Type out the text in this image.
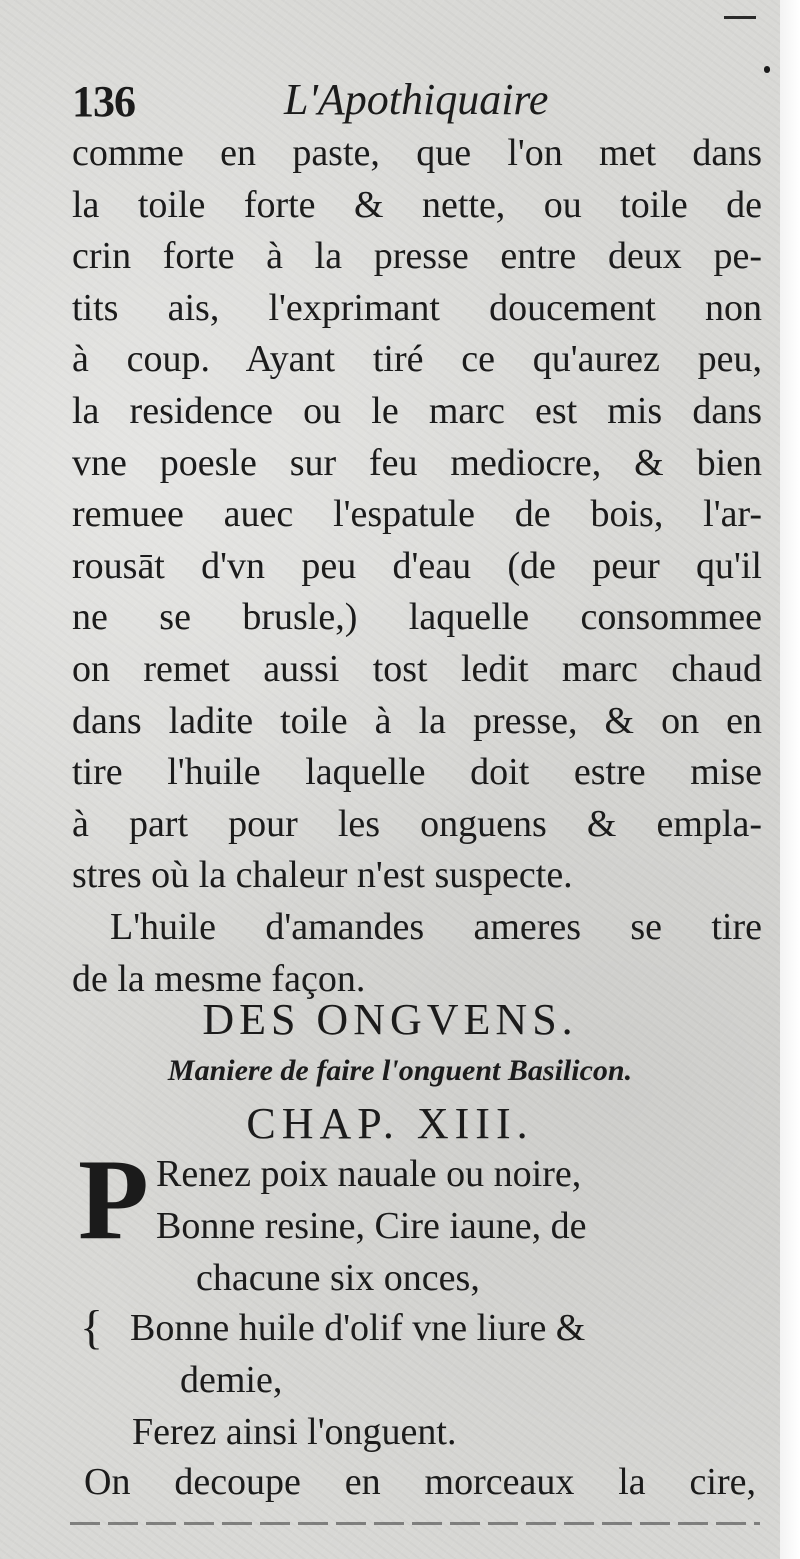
136	L'Apothiquaire
comme en paste, que l'on met dans
la toile forte & nette, ou toile de
crin forte à la presse entre deux pe-
tits ais, l'exprimant doucement non
à coup. Ayant tiré ce qu'aurez peu,
la residence ou le marc est mis dans
vne poesle sur feu mediocre, & bien
remuee auec l'espatule de bois, l'ar-
rousāt d'vn peu d'eau (de peur qu'il
ne se brusle,) laquelle consommee
on remet aussi tost ledit marc chaud
dans ladite toile à la presse, & on en
tire l'huile laquelle doit estre mise
à part pour les onguens & empla-
stres où la chaleur n'est suspecte.
L'huile d'amandes ameres se tire
de la mesme façon.
DES ONGVENS.
Maniere de faire l'onguent Basilicon.
CHAP. XIII.
P Renez poix nauale ou noire,
Bonne resine, Cire iaune, de
chacune six onces,
{ Bonne huile d'olif vne liure &
demie,
Ferez ainsi l'onguent.
On decoupe en morceaux la cire,
